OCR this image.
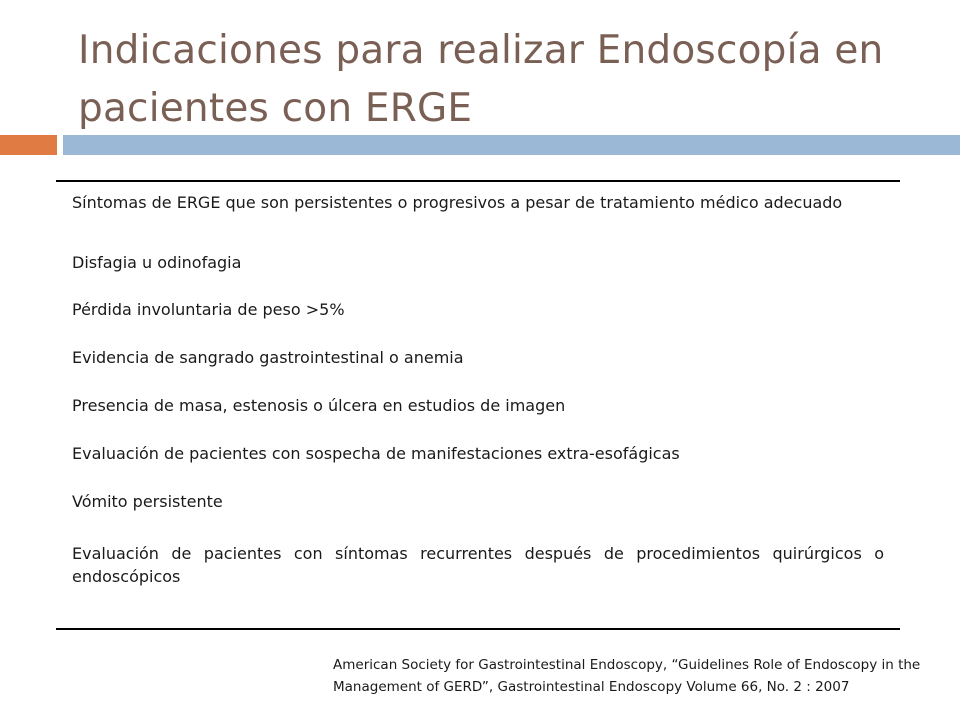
Indicaciones para realizar Endoscopía en pacientes con ERGE
Síntomas de ERGE que son persistentes o progresivos a pesar de tratamiento médico adecuado
Disfagia u odinofagia
Pérdida involuntaria de peso >5%
Evidencia de sangrado gastrointestinal o anemia
Presencia de masa, estenosis o úlcera en estudios de imagen
Evaluación de pacientes con sospecha de manifestaciones extra-esofágicas
Vómito persistente
Evaluación de pacientes con síntomas recurrentes después de procedimientos quirúrgicos o endoscópicos
American Society for Gastrointestinal Endoscopy, “Guidelines Role of Endoscopy in the Management of GERD”, Gastrointestinal Endoscopy Volume 66, No. 2 : 2007
